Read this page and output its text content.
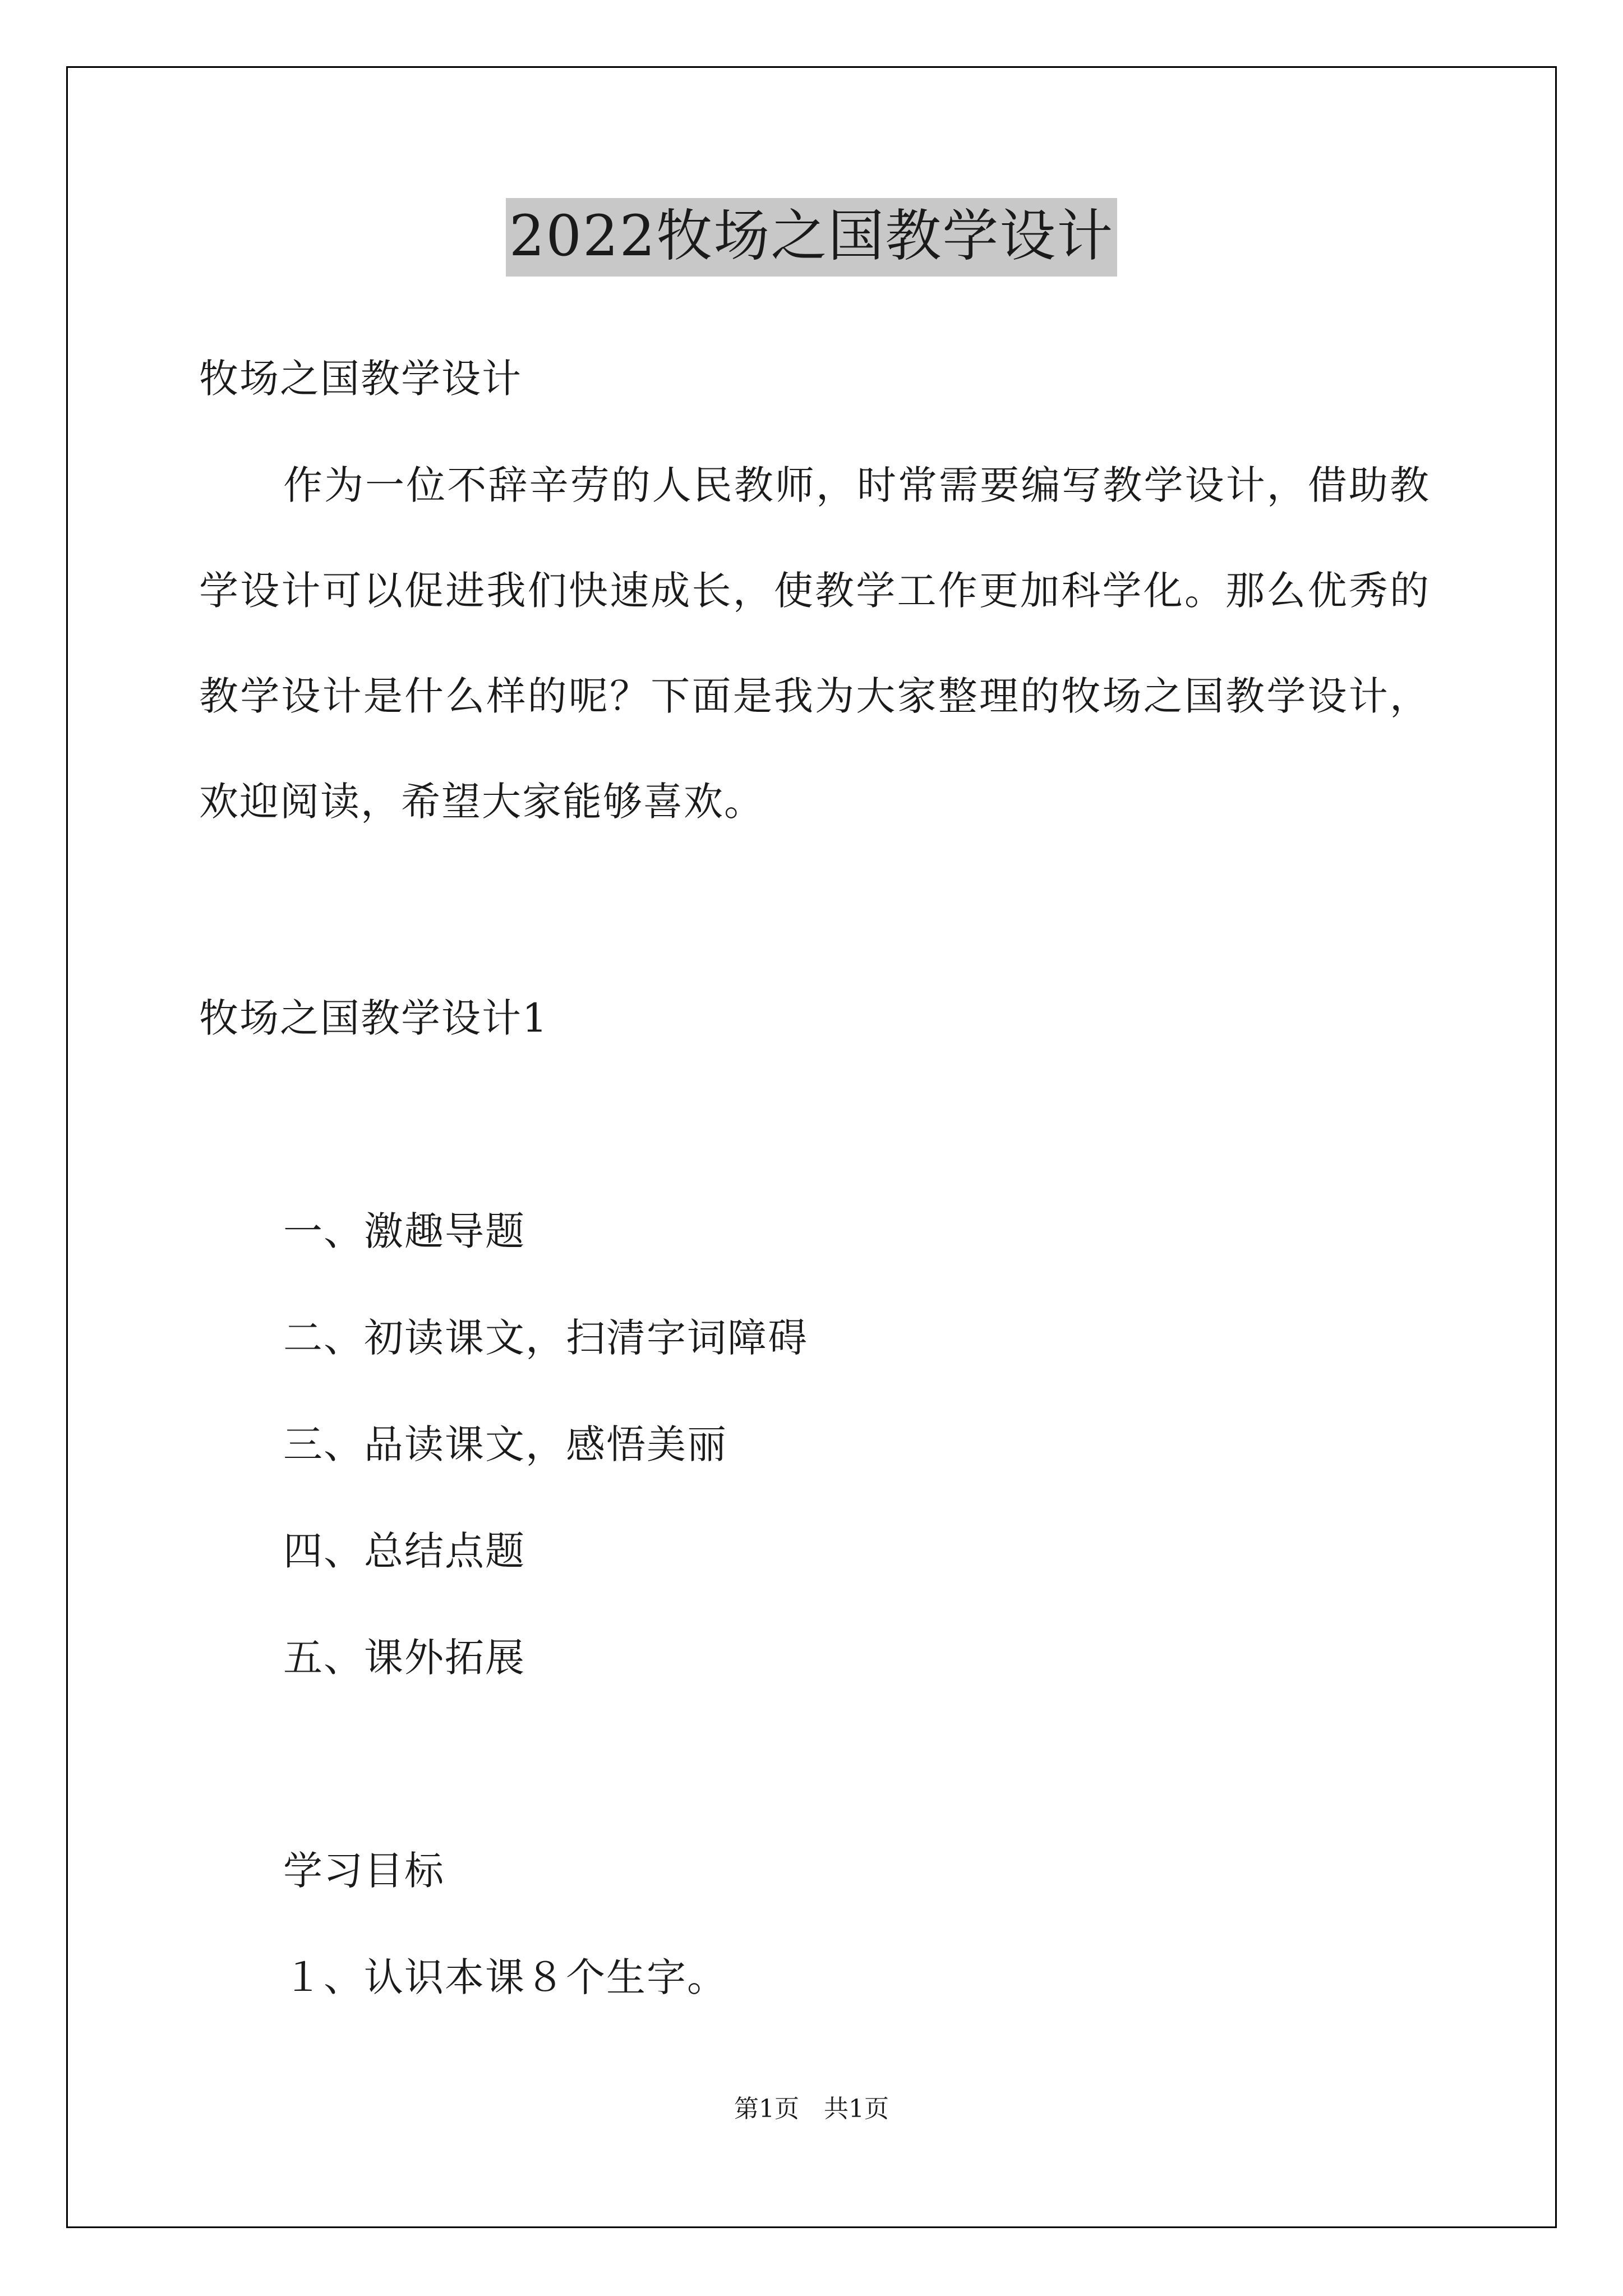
2022牧场之国教学设计
牧场之国教学设计
作为一位不辞辛劳的人民教师，时常需要编写教学设计，借助教
学设计可以促进我们快速成长，使教学工作更加科学化。那么优秀的
教学设计是什么样的呢？下面是我为大家整理的牧场之国教学设计，
欢迎阅读，希望大家能够喜欢。
牧场之国教学设计1
一、激趣导题
二、初读课文，扫清字词障碍
三、品读课文，感悟美丽
四、总结点题
五、课外拓展
学习目标
１、认识本课８个生字。
第1页　共1页
